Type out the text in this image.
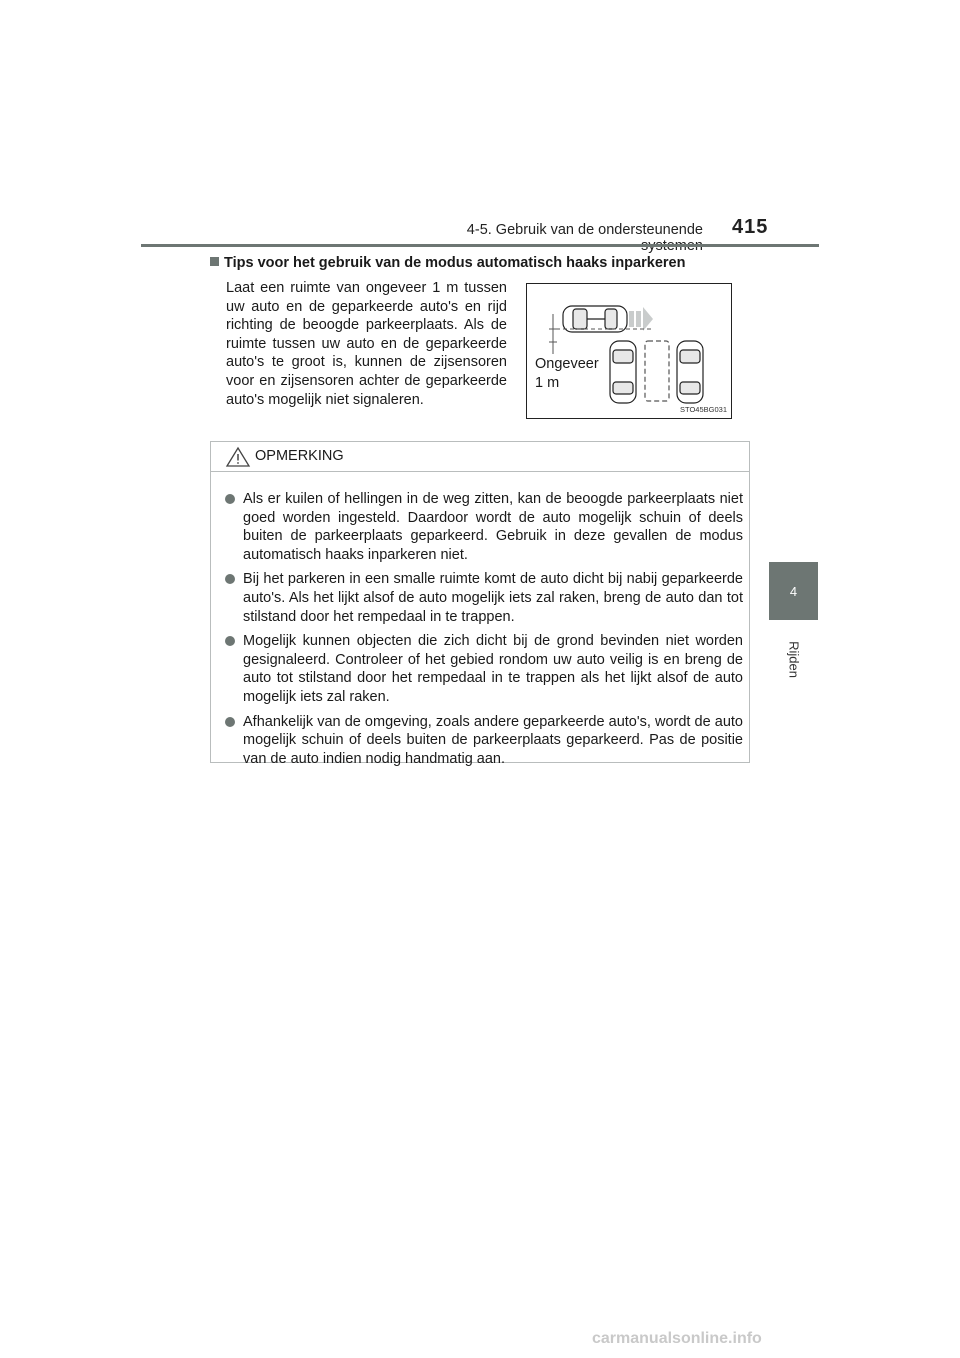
4-5. Gebruik van de ondersteunende 415
4
Rijden
Tips voor het gebruik van de modus automatisch haaks inparkeren
Laat een ruimte van ongeveer 1 m tussen uw auto en de geparkeerde auto's en rijd richting de beoogde parkeerplaats. Als de ruimte tussen uw auto en de geparkeerde auto's te groot is, kunnen de zijsensoren voor en zijsensoren achter de geparkeerde auto's mogelijk niet signaleren.
Ongeveer
1 m
STO45BG031
OPMERKING
Als er kuilen of hellingen in de weg zitten, kan de beoogde parkeerplaats niet goed worden ingesteld. Daardoor wordt de auto mogelijk schuin of deels buiten de parkeerplaats geparkeerd. Gebruik in deze gevallen de modus automatisch haaks inparkeren niet.
Bij het parkeren in een smalle ruimte komt de auto dicht bij nabij geparkeerde auto's. Als het lijkt alsof de auto mogelijk iets zal raken, breng de auto dan tot stilstand door het rempedaal in te trappen.
Mogelijk kunnen objecten die zich dicht bij de grond bevinden niet worden gesignaleerd. Controleer of het gebied rondom uw auto veilig is en breng de auto tot stilstand door het rempedaal in te trappen als het lijkt alsof de auto mogelijk iets zal raken.
Afhankelijk van de omgeving, zoals andere geparkeerde auto's, wordt de auto mogelijk schuin of deels buiten de parkeerplaats geparkeerd. Pas de positie van de auto indien nodig handmatig aan.
carmanualsonline.info
